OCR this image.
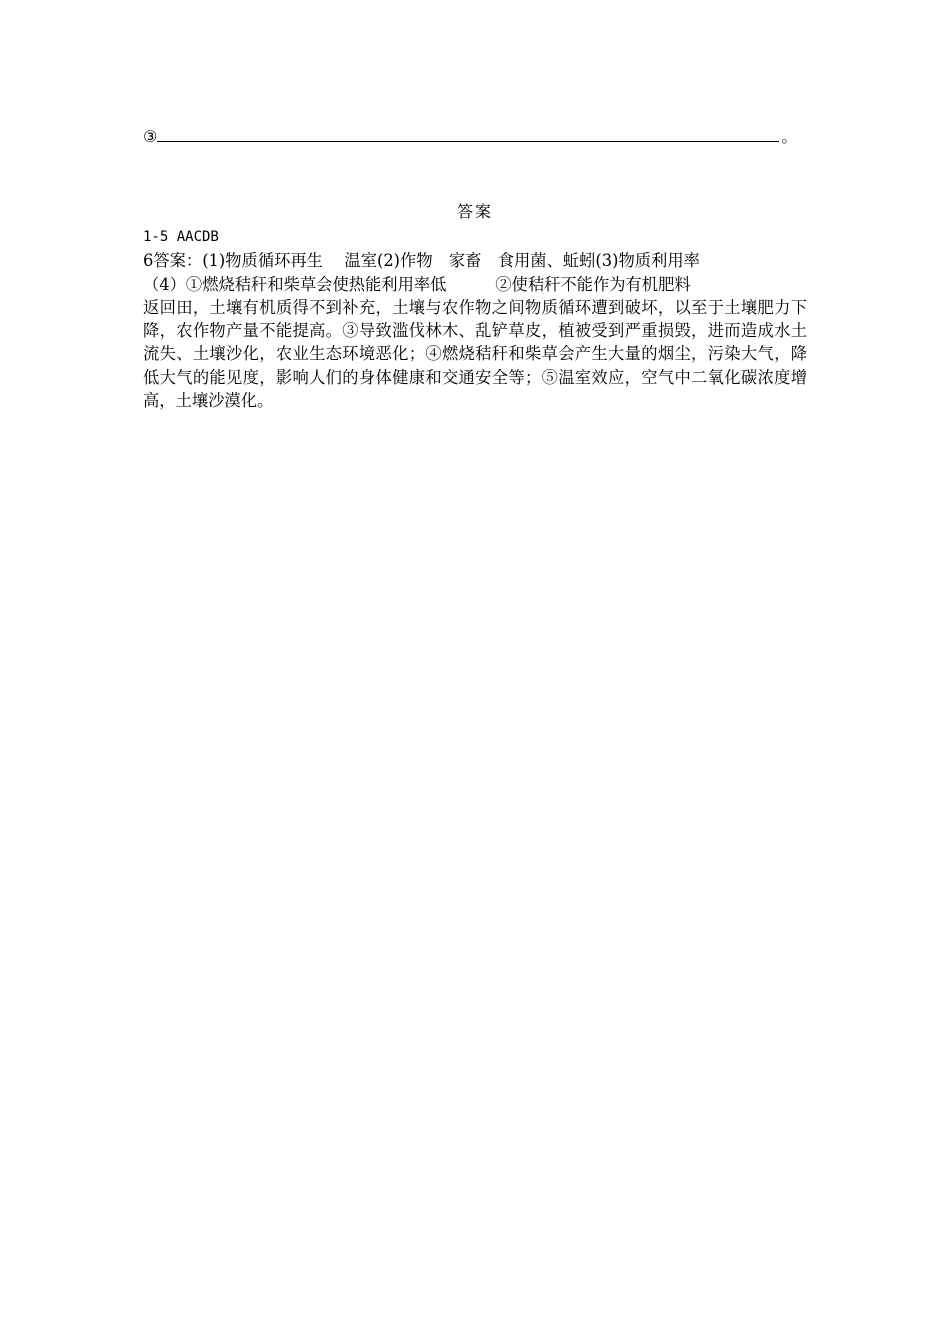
③	。
答案

1-5 AACDB

6答案：(1)物质循环再生　 温室(2)作物　家畜　食用菌、蚯蚓(3)物质利用率

（4）①燃烧秸秆和柴草会使热能利用率低　　　②使秸秆不能作为有机肥料

返回田，土壤有机质得不到补充，土壤与农作物之间物质循环遭到破坏，以至于土壤肥力下降，农作物产量不能提高。③导致滥伐林木、乱铲草皮，植被受到严重损毁，进而造成水土流失、土壤沙化，农业生态环境恶化；④燃烧秸秆和柴草会产生大量的烟尘，污染大气，降低大气的能见度，影响人们的身体健康和交通安全等；⑤温室效应，空气中二氧化碳浓度增高，土壤沙漠化。
